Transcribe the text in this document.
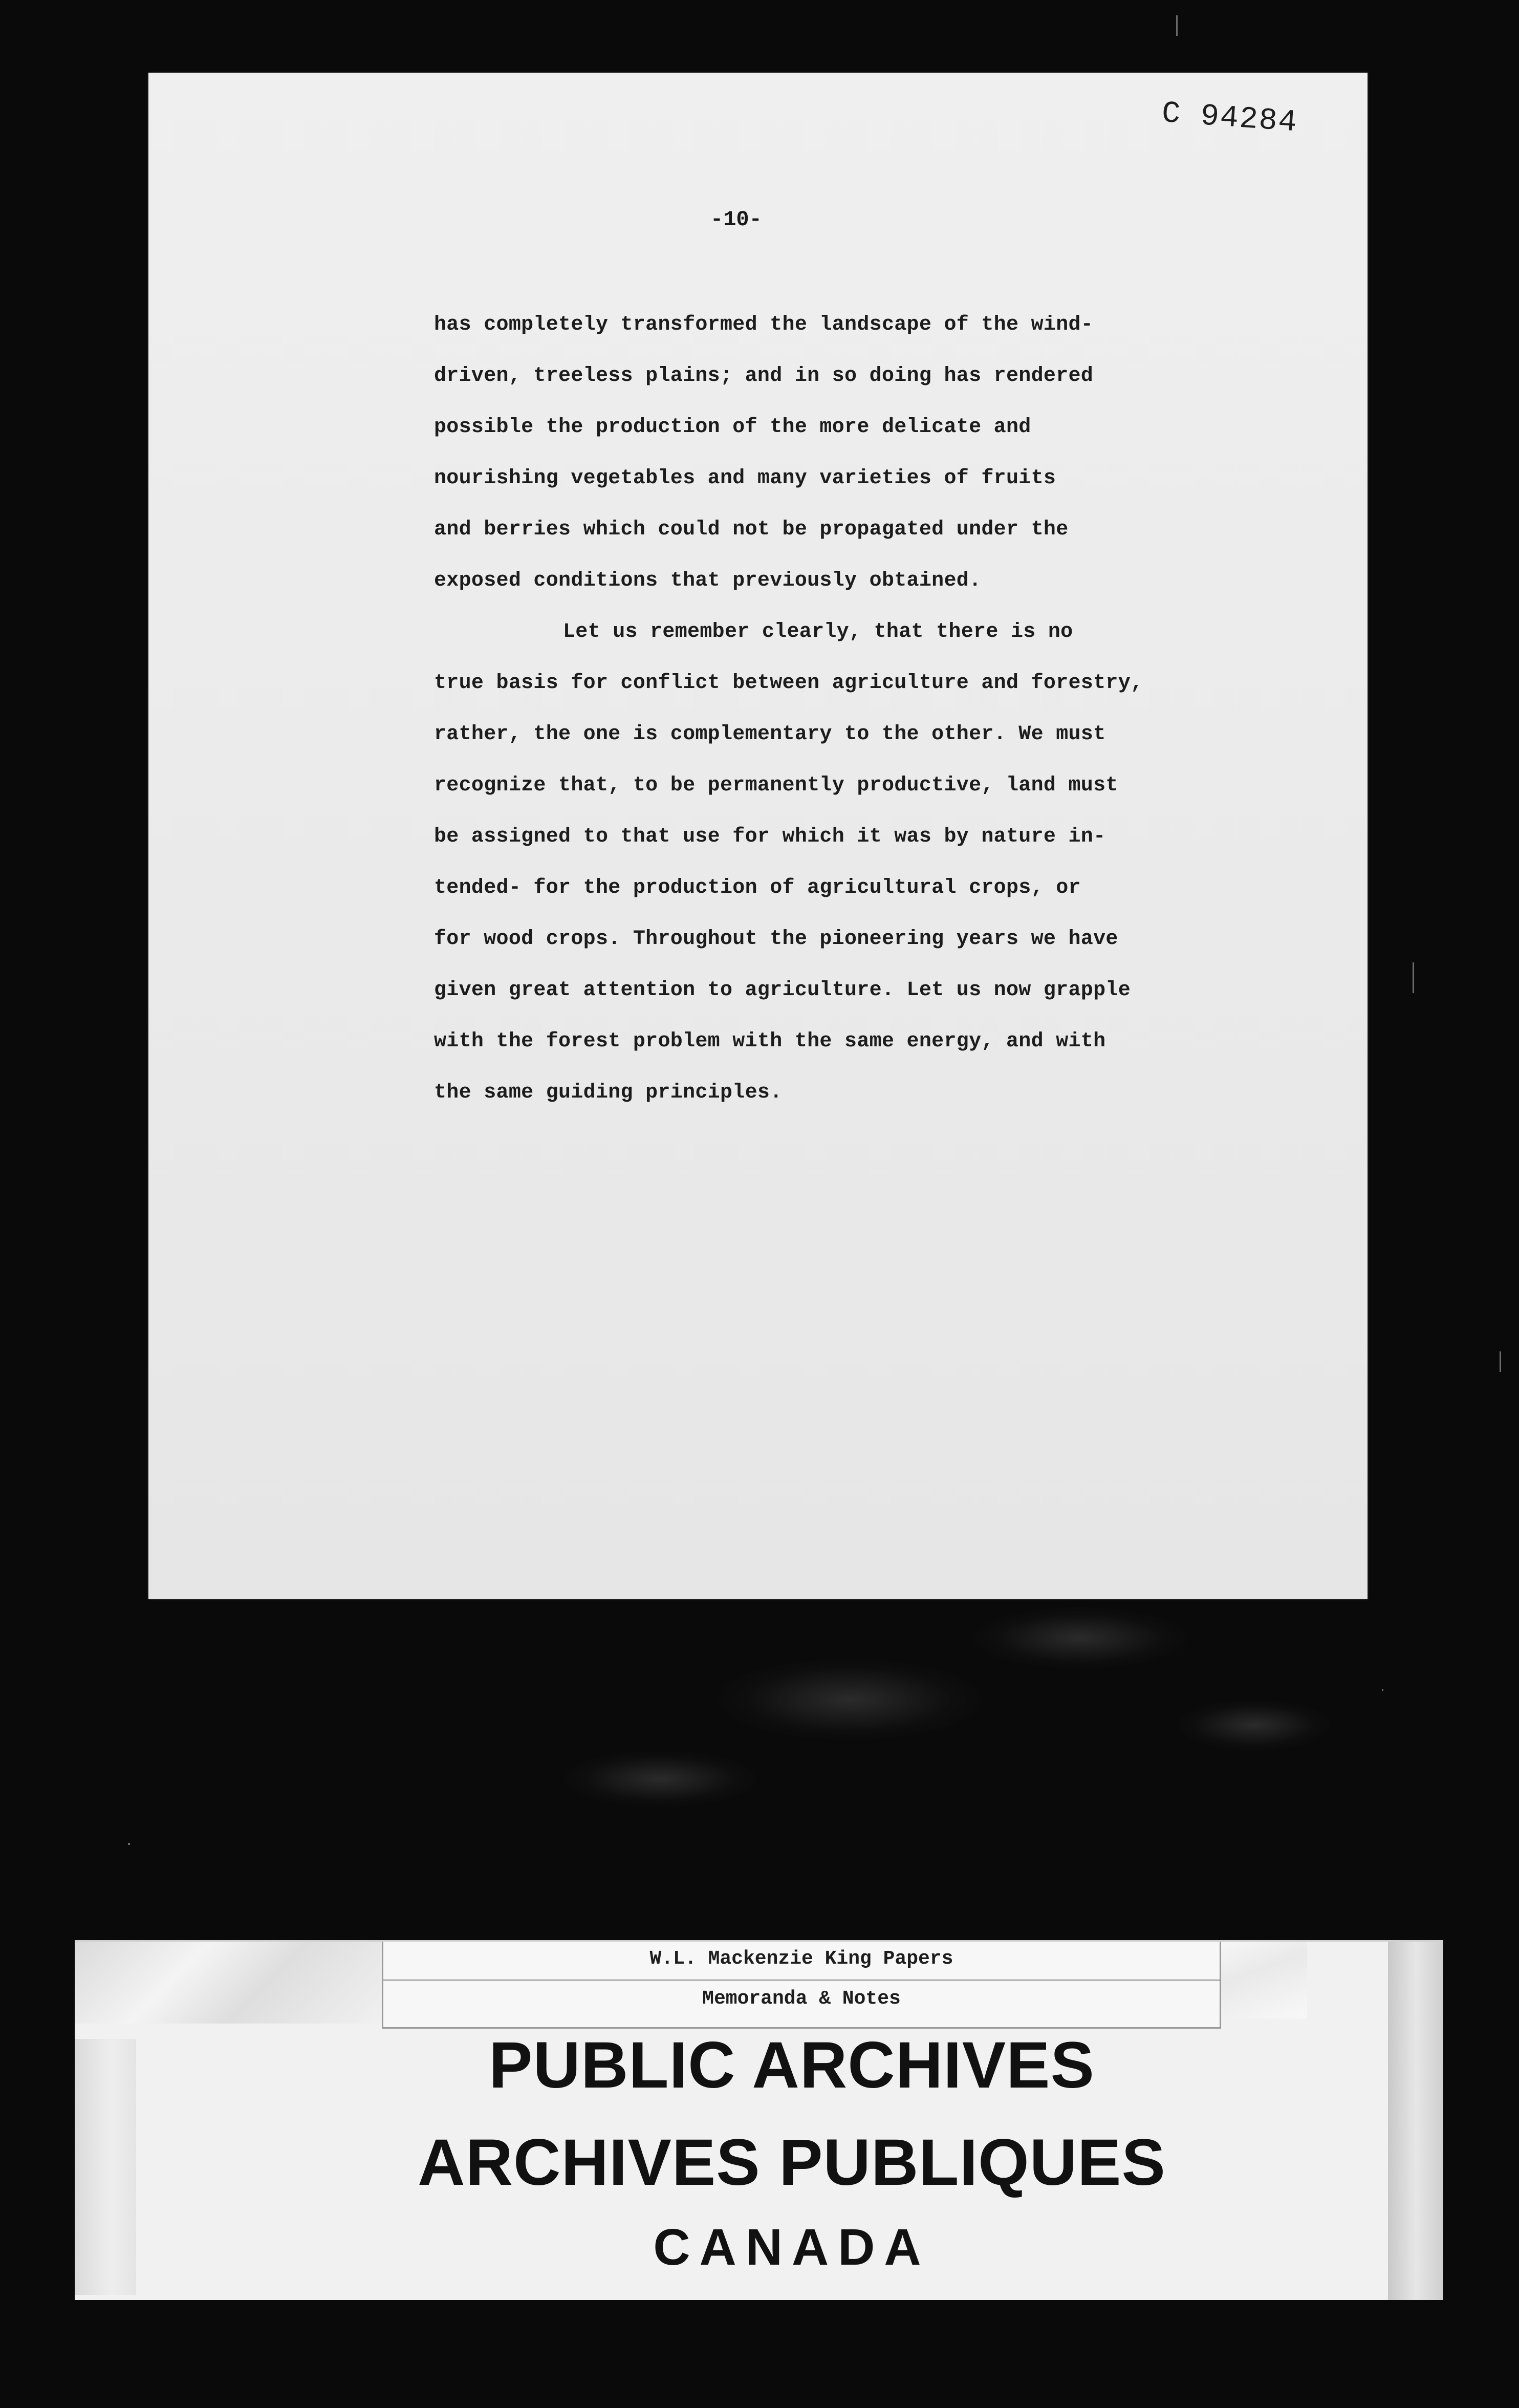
C 94284
-10-
has completely transformed the landscape of the wind-
driven, treeless plains; and in so doing has rendered
possible the production of the more delicate and
nourishing vegetables and many varieties of fruits
and berries which could not be propagated under the
exposed conditions that previously obtained.
Let us remember clearly, that there is no
true basis for conflict between agriculture and forestry,
rather, the one is complementary to the other. We must
recognize that, to be permanently productive, land must
be assigned to that use for which it was by nature in-
tended- for the production of agricultural crops, or
for wood crops. Throughout the pioneering years we have
given great attention to agriculture. Let us now grapple
with the forest problem with the same energy, and with
the same guiding principles.
W.L. Mackenzie King Papers
Memoranda & Notes
PUBLIC ARCHIVES
ARCHIVES PUBLIQUES
CANADA
